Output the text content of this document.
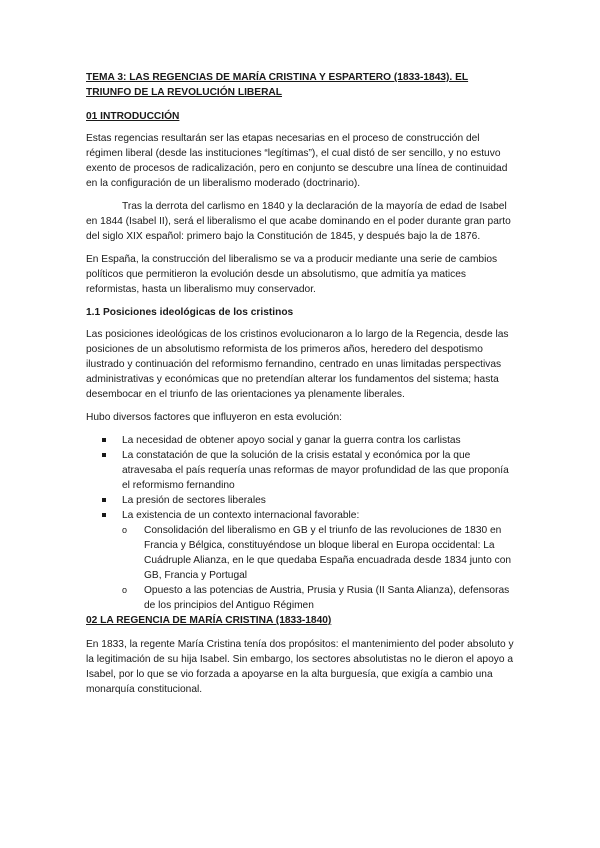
TEMA 3: LAS REGENCIAS DE MARÍA CRISTINA Y ESPARTERO (1833-1843). EL TRIUNFO DE LA REVOLUCIÓN LIBERAL
01 INTRODUCCIÓN

Estas regencias resultarán ser las etapas necesarias en el proceso de construcción del régimen liberal (desde las instituciones “legítimas”), el cual distó de ser sencillo, y no estuvo exento de procesos de radicalización, pero en conjunto se descubre una línea de continuidad en la configuración de un liberalismo moderado (doctrinario).

Tras la derrota del carlismo en 1840 y la declaración de la mayoría de edad de Isabel en 1844 (Isabel II), será el liberalismo el que acabe dominando en el poder durante gran parto del siglo XIX español: primero bajo la Constitución de 1845, y después bajo la de 1876.

En España, la construcción del liberalismo se va a producir mediante una serie de cambios políticos que permitieron la evolución desde un absolutismo, que admitía ya matices reformistas, hasta un liberalismo muy conservador.

1.1 Posiciones ideológicas de los cristinos

Las posiciones ideológicas de los cristinos evolucionaron a lo largo de la Regencia, desde las posiciones de un absolutismo reformista de los primeros años, heredero del despotismo ilustrado y continuación del reformismo fernandino, centrado en unas limitadas perspectivas administrativas y económicas que no pretendían alterar los fundamentos del sistema; hasta desembocar en el triunfo de las orientaciones ya plenamente liberales.

Hubo diversos factores que influyeron en esta evolución:

La necesidad de obtener apoyo social y ganar la guerra contra los carlistas
La constatación de que la solución de la crisis estatal y económica por la que atravesaba el país requería unas reformas de mayor profundidad de las que proponía el reformismo fernandino
La presión de sectores liberales
La existencia de un contexto internacional favorable:
o Consolidación del liberalismo en GB y el triunfo de las revoluciones de 1830 en Francia y Bélgica, constituyéndose un bloque liberal en Europa occidental: La Cuádruple Alianza, en le que quedaba España encuadrada desde 1834 junto con GB, Francia y Portugal
o Opuesto a las potencias de Austria, Prusia y Rusia (II Santa Alianza), defensoras de los principios del Antiguo Régimen
02 LA REGENCIA DE MARÍA CRISTINA (1833-1840)

En 1833, la regente María Cristina tenía dos propósitos: el mantenimiento del poder absoluto y la legitimación de su hija Isabel. Sin embargo, los sectores absolutistas no le dieron el apoyo a Isabel, por lo que se vio forzada a apoyarse en la alta burguesía, que exigía a cambio una monarquía constitucional.
